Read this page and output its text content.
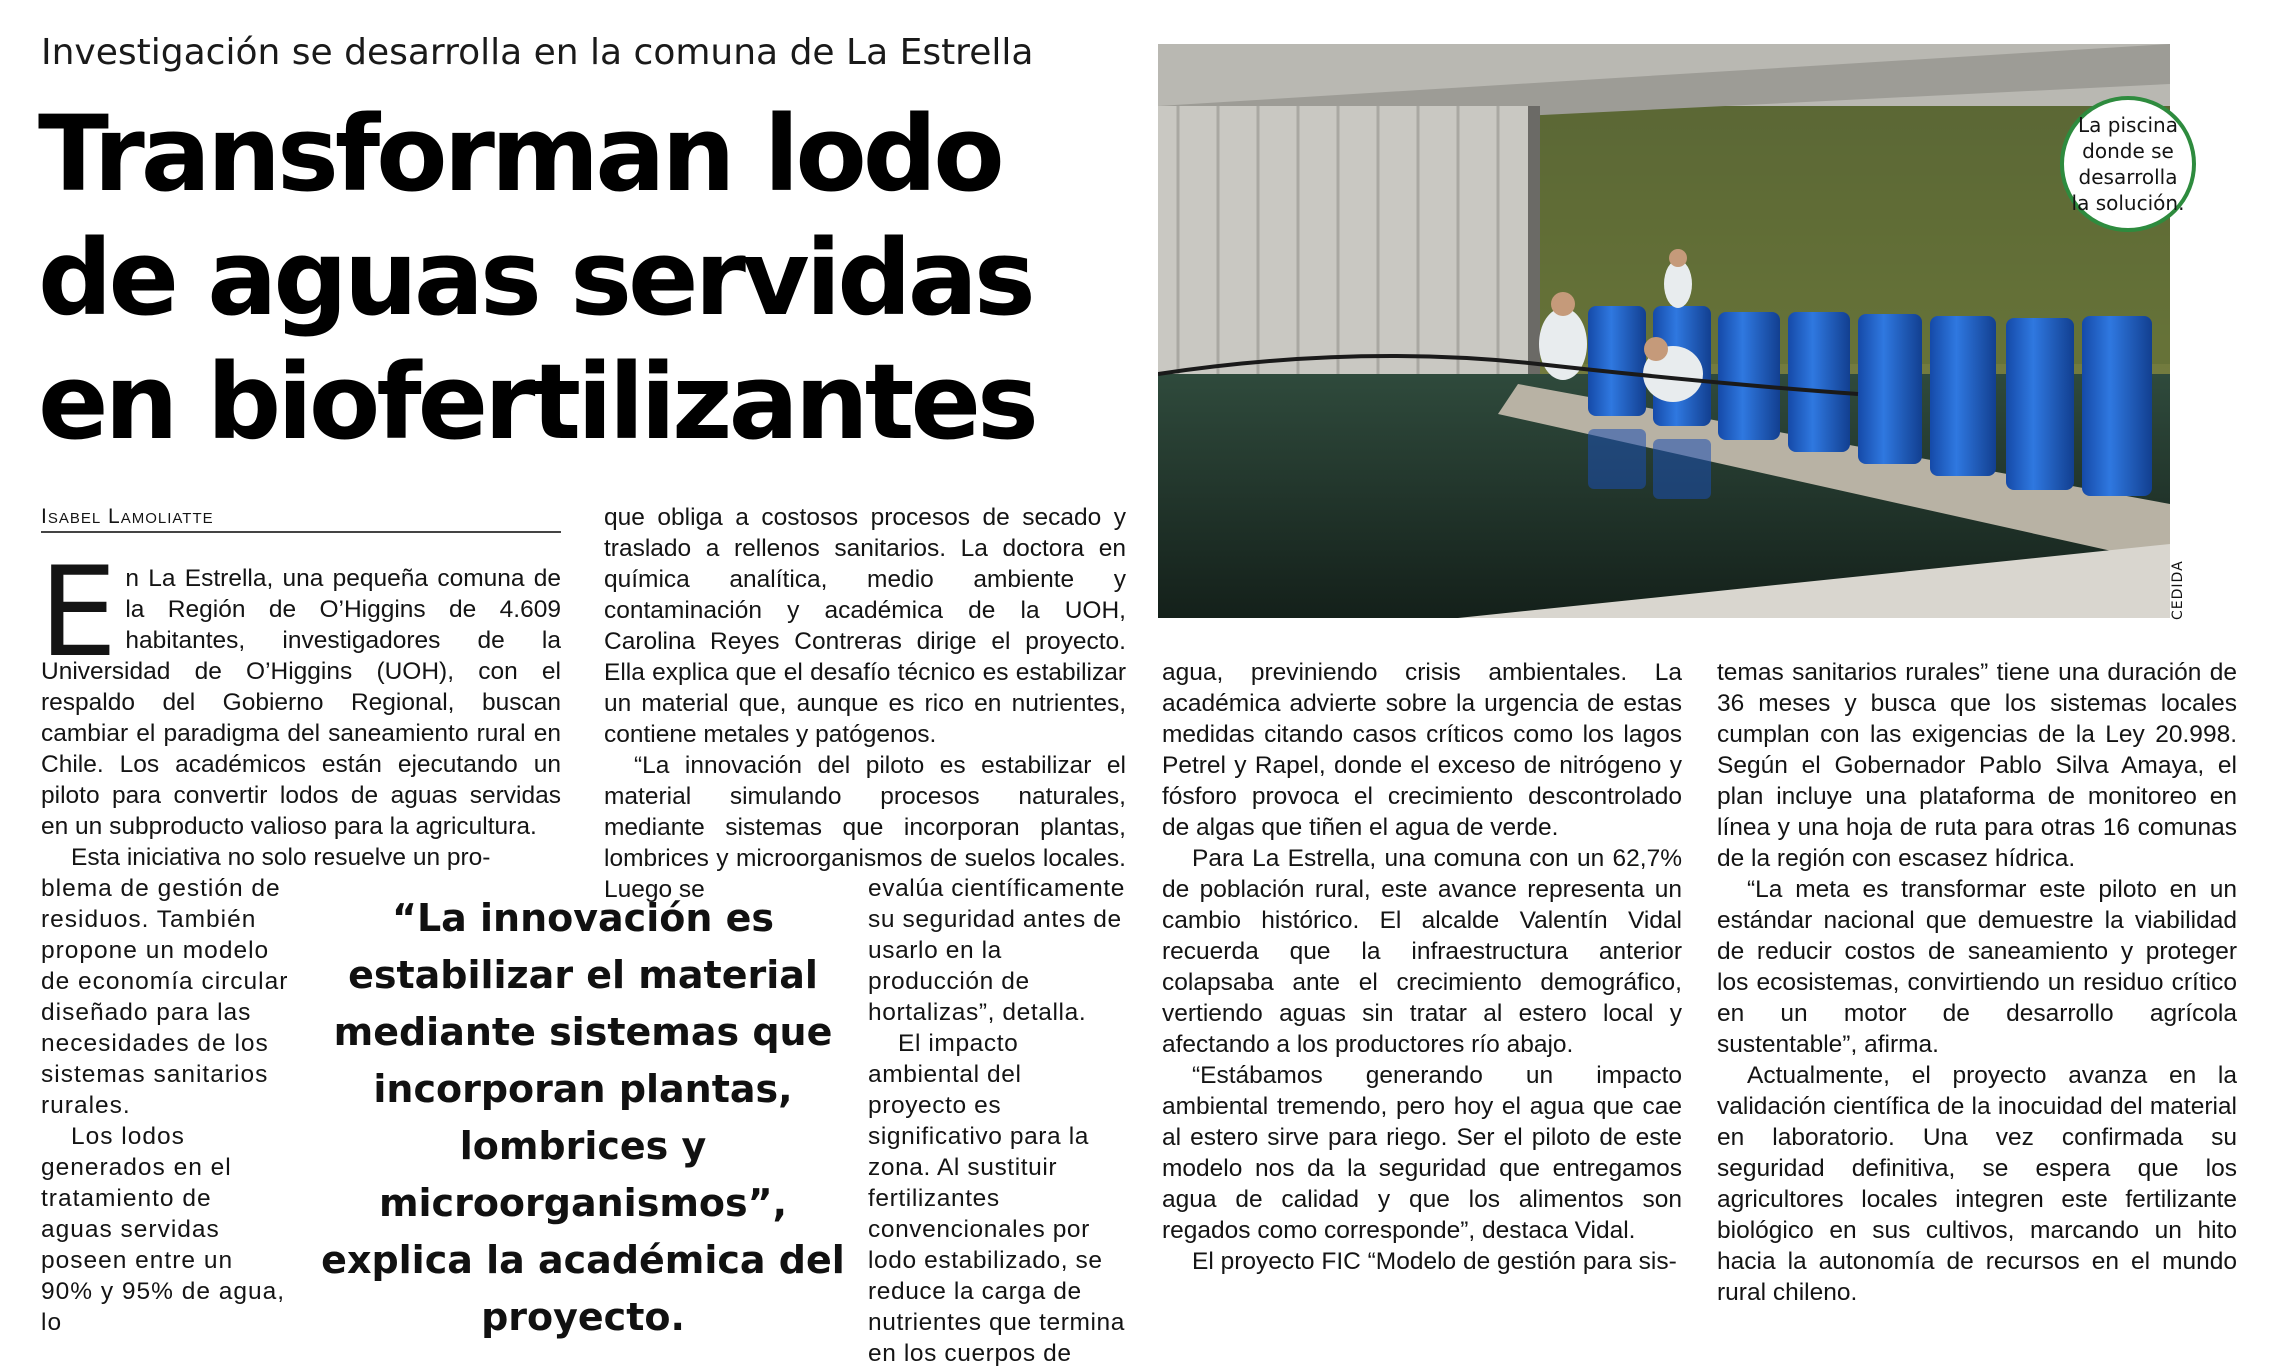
Investigación se desarrolla en la comuna de La Estrella
Transforman lodo de aguas servidas en biofertilizantes
Isabel Lamoliatte

E n La Estrella, una pequeña comuna de la Región de O’Higgins de 4.609 habitantes, investigadores de la Universidad de O’Higgins (UOH), con el respaldo del Gobierno Regional, buscan cambiar el paradigma del saneamiento rural en Chile. Los académicos están ejecutando un piloto para convertir lodos de aguas servidas en un subproducto valioso para la agricultura.

Esta iniciativa no solo resuelve un pro-

blema de gestión de residuos. También propone un modelo de economía circular diseñado para las necesidades de los sistemas sanitarios rurales.

Los lodos generados en el tratamiento de aguas servidas poseen entre un 90% y 95% de agua, lo

que obliga a costosos procesos de secado y traslado a rellenos sanitarios. La doctora en química analítica, medio ambiente y contaminación y académica de la UOH, Carolina Reyes Contreras dirige el proyecto. Ella explica que el desafío técnico es estabilizar un material que, aunque es rico en nutrientes, contiene metales y patógenos.

“La innovación del piloto es estabilizar el material simulando procesos naturales, mediante sistemas que incorporan plantas, lombrices y microorganismos de suelos locales. Luego se	evalúa científicamente su seguridad antes de usarlo en la producción de hortalizas”, detalla.

El impacto ambiental del proyecto es significativo para la zona. Al sustituir fertilizantes convencionales por lodo estabilizado, se reduce la carga de nutrientes que termina en los cuerpos de

“La innovación es estabilizar el material mediante sistemas que incorporan plantas, lombrices y microorganismos”, explica la académica del proyecto.

CEDIDA
La piscina donde se desarrolla la solución.

agua, previniendo crisis ambientales. La académica advierte sobre la urgencia de estas medidas citando casos críticos como los lagos Petrel y Rapel, donde el exceso de nitrógeno y fósforo provoca el crecimiento descontrolado de algas que tiñen el agua de verde.

Para La Estrella, una comuna con un 62,7% de población rural, este avance representa un cambio histórico. El alcalde Valentín Vidal recuerda que la infraestructura anterior colapsaba ante el crecimiento demográfico, vertiendo aguas sin tratar al estero local y afectando a los productores río abajo.

“Estábamos generando un impacto ambiental tremendo, pero hoy el agua que cae al estero sirve para riego. Ser el piloto de este modelo nos da la seguridad que entregamos agua de calidad y que los alimentos son regados como corresponde”, destaca Vidal.

El proyecto FIC “Modelo de gestión para sis-

temas sanitarios rurales” tiene una duración de 36 meses y busca que los sistemas locales cumplan con las exigencias de la Ley 20.998. Según el Gobernador Pablo Silva Amaya, el plan incluye una plataforma de monitoreo en línea y una hoja de ruta para otras 16 comunas de la región con escasez hídrica.

“La meta es transformar este piloto en un estándar nacional que demuestre la viabilidad de reducir costos de saneamiento y proteger los ecosistemas, convirtiendo un residuo crítico en un motor de desarrollo agrícola sustentable”, afirma.

Actualmente, el proyecto avanza en la validación científica de la inocuidad del material en laboratorio. Una vez confirmada su seguridad definitiva, se espera que los agricultores locales integren este fertilizante biológico en sus cultivos, marcando un hito hacia la autonomía de recursos en el mundo rural chileno.
